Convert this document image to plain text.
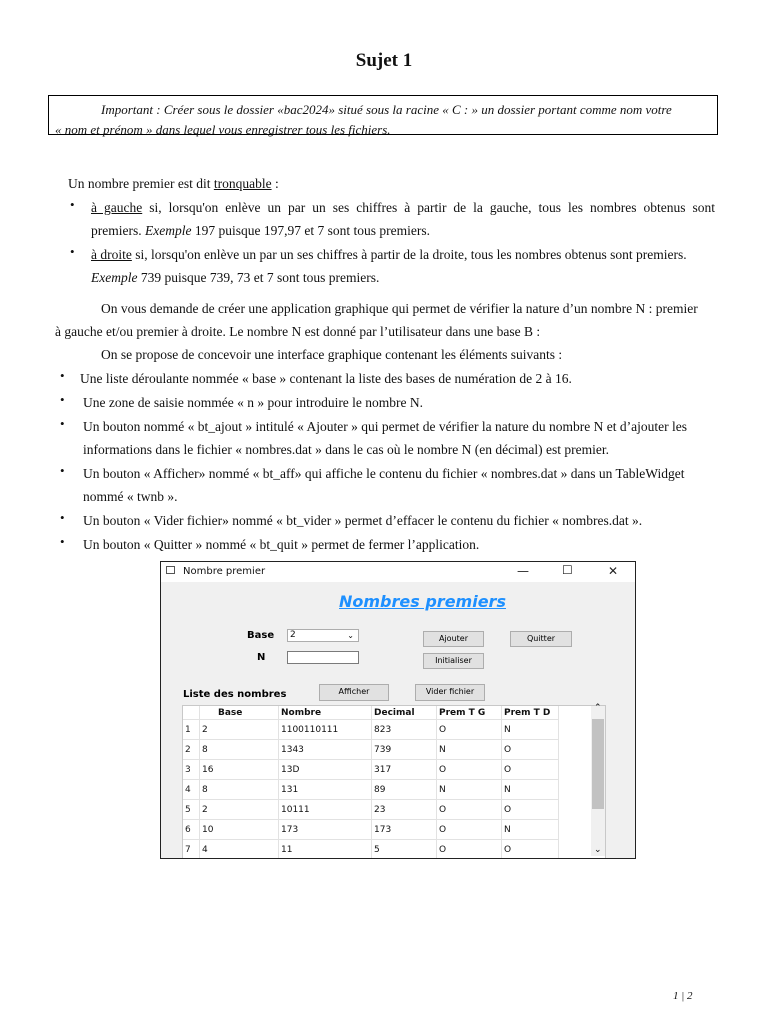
Sujet 1
Important : Créer sous le dossier «bac2024» situé sous la racine « C : » un dossier portant comme nom votre
« nom et prénom » dans lequel vous enregistrer tous les fichiers.
Un nombre premier est dit tronquable :
• à gauche si, lorsqu'on enlève un par un ses chiffres à partir de la gauche, tous les nombres obtenus sont
premiers. Exemple 197 puisque 197,97 et 7 sont tous premiers.
• à droite si, lorsqu'on enlève un par un ses chiffres à partir de la droite, tous les nombres obtenus sont premiers.
Exemple 739 puisque 739, 73 et 7 sont tous premiers.
On vous demande de créer une application graphique qui permet de vérifier la nature d’un nombre N : premier
à gauche et/ou premier à droite. Le nombre N est donné par l’utilisateur dans une base B :
On se propose de concevoir une interface graphique contenant les éléments suivants :
• Une liste déroulante nommée « base » contenant la liste des bases de numération de 2 à 16.
• Une zone de saisie nommée « n » pour introduire le nombre N.
• Un bouton nommé « bt_ajout » intitulé « Ajouter » qui permet de vérifier la nature du nombre N et d’ajouter les
informations dans le fichier « nombres.dat » dans le cas où le nombre N (en décimal) est premier.
• Un bouton « Afficher» nommé « bt_aff» qui affiche le contenu du fichier « nombres.dat » dans un TableWidget
nommé « twnb ».
• Un bouton « Vider fichier» nommé « bt_vider » permet d’effacer le contenu du fichier « nombres.dat ».
• Un bouton « Quitter » nommé « bt_quit » permet de fermer l’application.
Nombre premier	—	☐	✕
Nombres premiers
Base	2	⌄
N
Ajouter	Quitter
Initialiser
Liste des nombres	Afficher	Vider fichier
	Base	Nombre	Decimal	Prem T G	Prem T D
1	2	1100110111	823	O	N
2	8	1343	739	N	O
3	16	13D	317	O	O
4	8	131	89	N	N
5	2	10111	23	O	O
6	10	173	173	O	N
7	4	11	5	O	O
⌃
⌄
1 | 2
